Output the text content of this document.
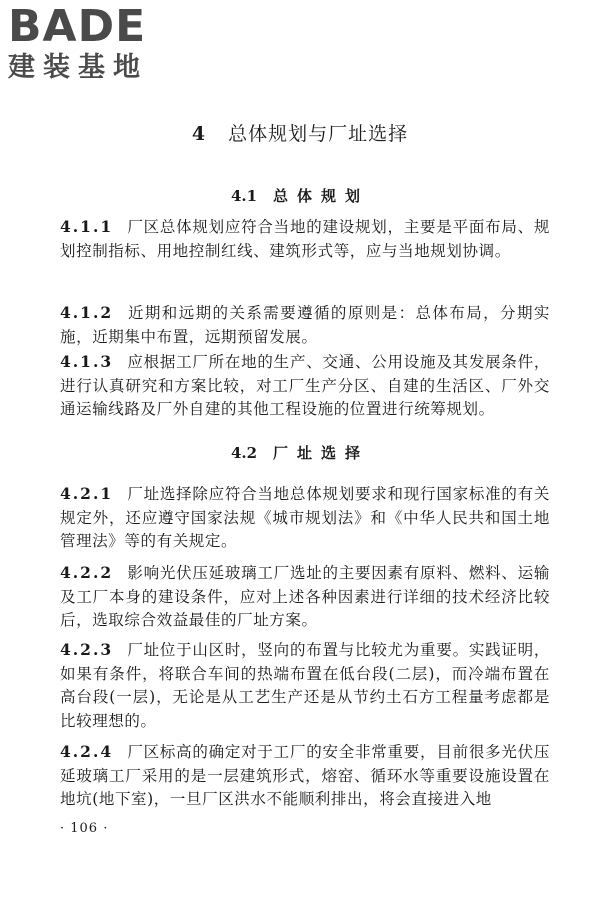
BADE
建装基地
4 总体规划与厂址选择
4.1 总体规划

4.1.1 厂区总体规划应符合当地的建设规划，主要是平面布局、规划控制指标、用地控制红线、建筑形式等，应与当地规划协调。

4.1.2 近期和远期的关系需要遵循的原则是：总体布局，分期实施，近期集中布置，远期预留发展。

4.1.3 应根据工厂所在地的生产、交通、公用设施及其发展条件，进行认真研究和方案比较，对工厂生产分区、自建的生活区、厂外交通运输线路及厂外自建的其他工程设施的位置进行统筹规划。

4.2 厂址选择

4.2.1 厂址选择除应符合当地总体规划要求和现行国家标准的有关规定外，还应遵守国家法规《城市规划法》和《中华人民共和国土地管理法》等的有关规定。

4.2.2 影响光伏压延玻璃工厂选址的主要因素有原料、燃料、运输及工厂本身的建设条件，应对上述各种因素进行详细的技术经济比较后，选取综合效益最佳的厂址方案。

4.2.3 厂址位于山区时，竖向的布置与比较尤为重要。实践证明，如果有条件，将联合车间的热端布置在低台段(二层)，而冷端布置在高台段(一层)，无论是从工艺生产还是从节约土石方工程量考虑都是比较理想的。

4.2.4 厂区标高的确定对于工厂的安全非常重要，目前很多光伏压延玻璃工厂采用的是一层建筑形式，熔窑、循环水等重要设施设置在地坑(地下室)，一旦厂区洪水不能顺利排出，将会直接进入地

· 106 ·
